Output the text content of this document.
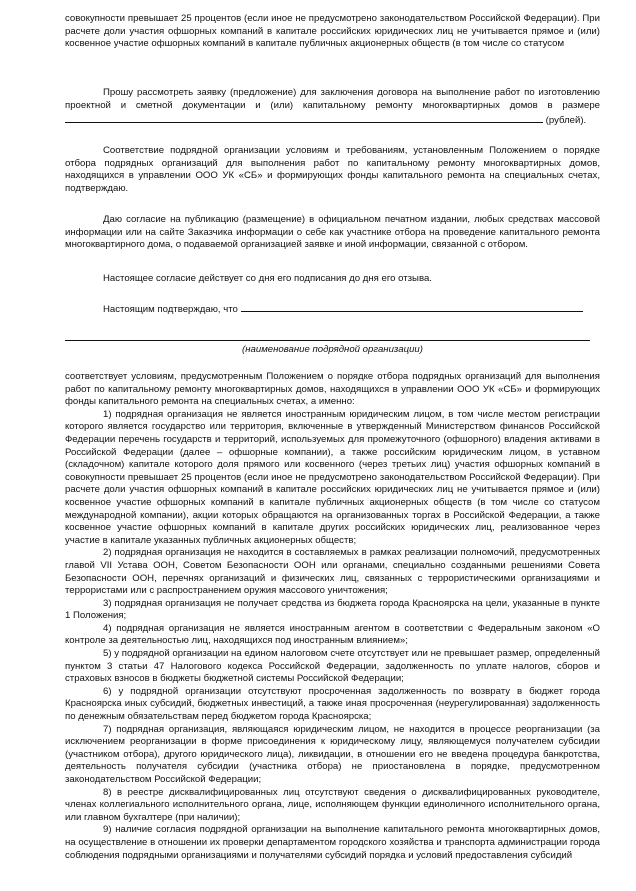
совокупности превышает 25 процентов (если иное не предусмотрено законодательством Российской Федерации). При расчете доли участия офшорных компаний в капитале российских юридических лиц не учитывается прямое и (или) косвенное участие офшорных компаний в капитале публичных акционерных обществ (в том числе со статусом

Прошу рассмотреть заявку (предложение) для заключения договора на выполнение работ по изготовлению проектной и сметной документации и (или) капитальному ремонту многоквартирных домов в размере  (рублей).

Соответствие подрядной организации условиям и требованиям, установленным Положением о порядке отбора подрядных организаций для выполнения работ по капитальному ремонту многоквартирных домов, находящихся в управлении ООО УК «СБ» и формирующих фонды капитального ремонта на специальных счетах, подтверждаю.

Даю согласие на публикацию (размещение) в официальном печатном издании, любых средствах массовой информации или на сайте Заказчика информации о себе как участнике отбора на проведение капитального ремонта многоквартирного дома, о подаваемой организацией заявке и иной информации, связанной с отбором.

Настоящее согласие действует со дня его подписания до дня его отзыва.

Настоящим подтверждаю, что

(наименование подрядной организации)

соответствует условиям, предусмотренным Положением о порядке отбора подрядных организаций для выполнения работ по капитальному ремонту многоквартирных домов, находящихся в управлении ООО УК «СБ» и формирующих фонды капитального ремонта на специальных счетах, а именно:

1) подрядная организация не является иностранным юридическим лицом, в том числе местом регистрации которого является государство или территория, включенные в утвержденный Министерством финансов Российской Федерации перечень государств и территорий, используемых для промежуточного (офшорного) владения активами в Российской Федерации (далее – офшорные компании), а также российским юридическим лицом, в уставном (складочном) капитале которого доля прямого или косвенного (через третьих лиц) участия офшорных компаний в совокупности превышает 25 процентов (если иное не предусмотрено законодательством Российской Федерации). При расчете доли участия офшорных компаний в капитале российских юридических лиц не учитывается прямое и (или) косвенное участие офшорных компаний в капитале публичных акционерных обществ (в том числе со статусом международной компании), акции которых обращаются на организованных торгах в Российской Федерации, а также косвенное участие офшорных компаний в капитале других российских юридических лиц, реализованное через участие в капитале указанных публичных акционерных обществ;

2) подрядная организация не находится в составляемых в рамках реализации полномочий, предусмотренных главой VII Устава ООН, Советом Безопасности ООН или органами, специально созданными решениями Совета Безопасности ООН, перечнях организаций и физических лиц, связанных с террористическими организациями и террористами или с распространением оружия массового уничтожения;

3) подрядная организация не получает средства из бюджета города Красноярска на цели, указанные в пункте 1 Положения;

4) подрядная организация не является иностранным агентом в соответствии с Федеральным законом «О контроле за деятельностью лиц, находящихся под иностранным влиянием»;

5) у подрядной организации на едином налоговом счете отсутствует или не превышает размер, определенный пунктом 3 статьи 47 Налогового кодекса Российской Федерации, задолженность по уплате налогов, сборов и страховых взносов в бюджеты бюджетной системы Российской Федерации;

6) у подрядной организации отсутствуют просроченная задолженность по возврату в бюджет города Красноярска иных субсидий, бюджетных инвестиций, а также иная просроченная (неурегулированная) задолженность по денежным обязательствам перед бюджетом города Красноярска;

7) подрядная организация, являющаяся юридическим лицом, не находится в процессе реорганизации (за исключением реорганизации в форме присоединения к юридическому лицу, являющемуся получателем субсидии (участником отбора), другого юридического лица), ликвидации, в отношении его не введена процедура банкротства, деятельность получателя субсидии (участника отбора) не приостановлена в порядке, предусмотренном законодательством Российской Федерации;

8) в реестре дисквалифицированных лиц отсутствуют сведения о дисквалифицированных руководителе, членах коллегиального исполнительного органа, лице, исполняющем функции единоличного исполнительного органа, или главном бухгалтере (при наличии);

9) наличие согласия подрядной организации на выполнение капитального ремонта многоквартирных домов, на осуществление в отношении их проверки департаментом городского хозяйства и транспорта администрации города соблюдения подрядными организациями и получателями субсидий порядка и условий предоставления субсидий
